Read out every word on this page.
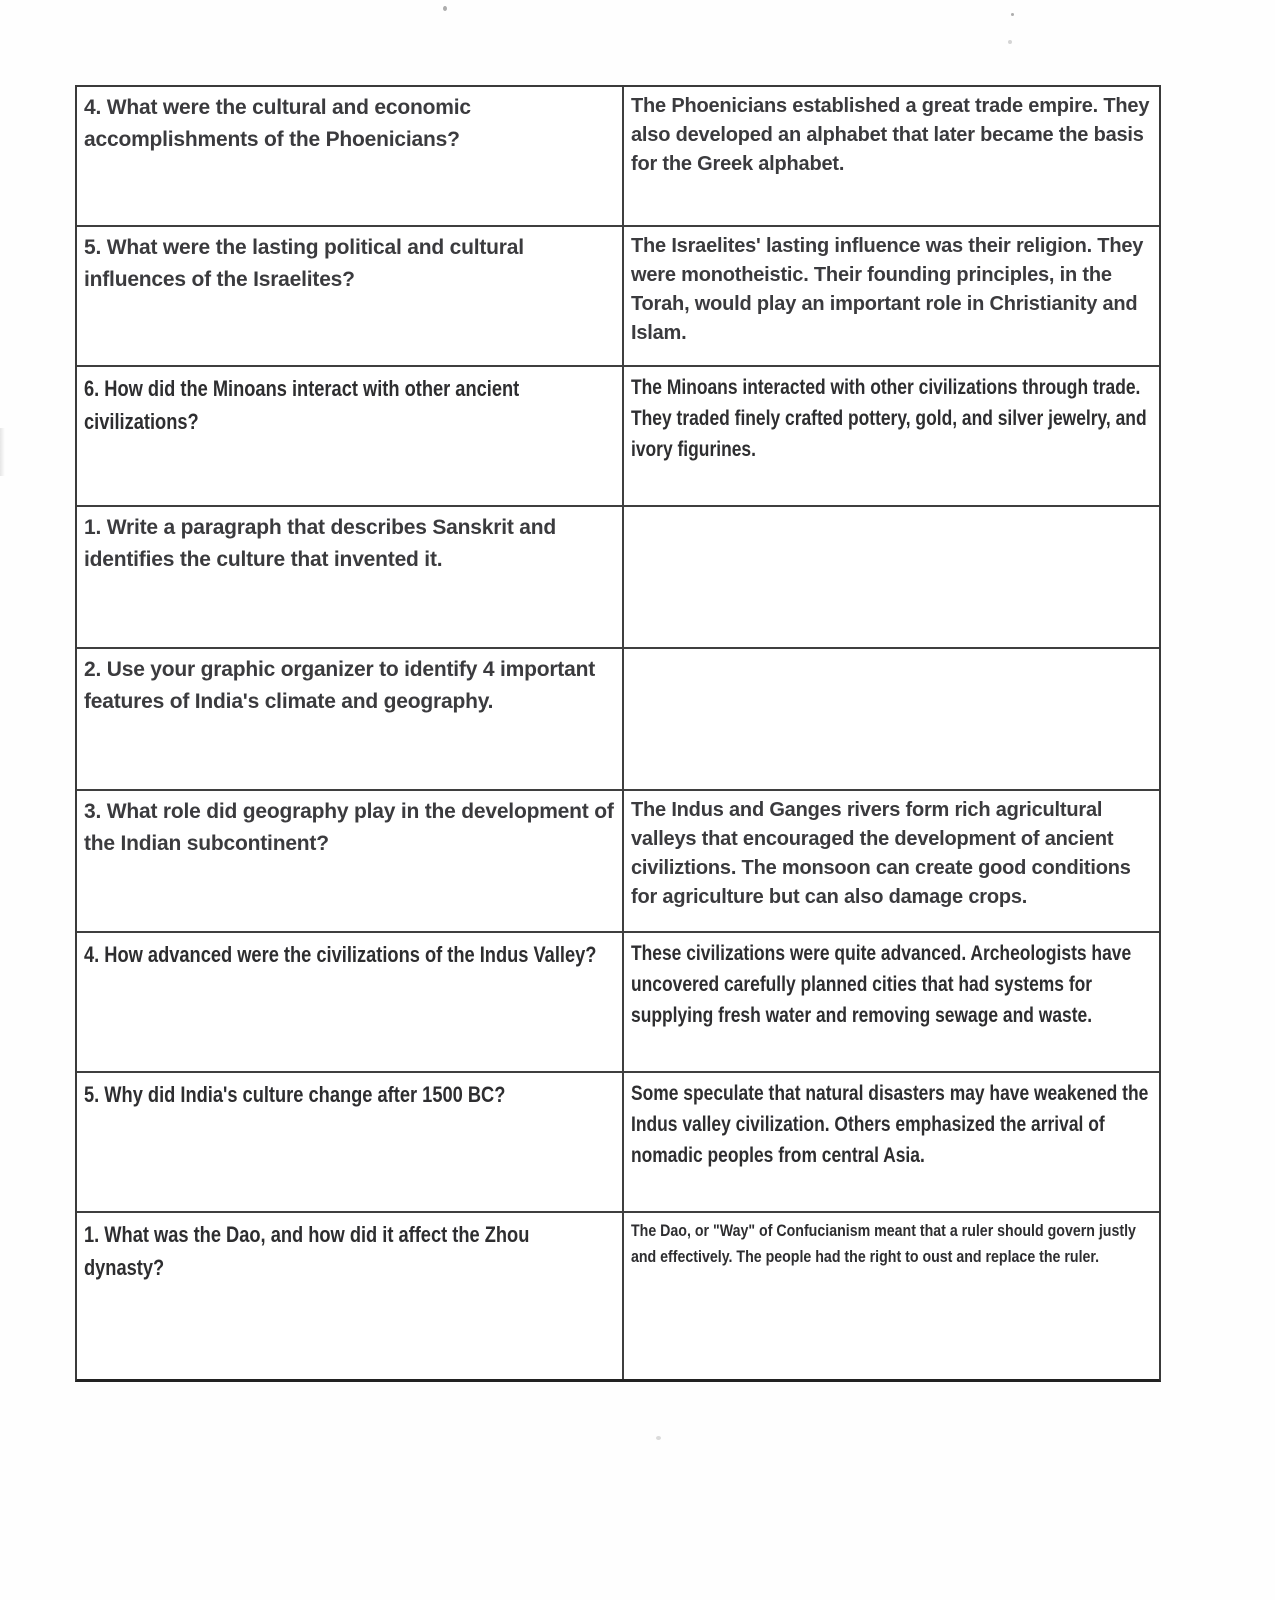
4. What were the cultural and economic accomplishments of the Phoenicians?
The Phoenicians established a great trade empire. They also developed an alphabet that later became the basis for the Greek alphabet.
5. What were the lasting political and cultural influences of the Israelites?
The Israelites' lasting influence was their religion. They were monotheistic. Their founding principles, in the Torah, would play an important role in Christianity and Islam.
6. How did the Minoans interact with other ancient civilizations?
The Minoans interacted with other civilizations through trade. They traded finely crafted pottery, gold, and silver jewelry, and ivory figurines.
1. Write a paragraph that describes Sanskrit and identifies the culture that invented it.
2. Use your graphic organizer to identify 4 important features of India's climate and geography.
3. What role did geography play in the development of the Indian subcontinent?
The Indus and Ganges rivers form rich agricultural valleys that encouraged the development of ancient civiliztions. The monsoon can create good conditions for agriculture but can also damage crops.
4. How advanced were the civilizations of the Indus Valley?	These civilizations were quite advanced. Archeologists have uncovered carefully planned cities that had systems for supplying fresh water and removing sewage and waste.
5. Why did India's culture change after 1500 BC?	Some speculate that natural disasters may have weakened the Indus valley civilization. Others emphasized the arrival of nomadic peoples from central Asia.
1. What was the Dao, and how did it affect the Zhou dynasty?
The Dao, or "Way" of Confucianism meant that a ruler should govern justly and effectively. The people had the right to oust and replace the ruler.
